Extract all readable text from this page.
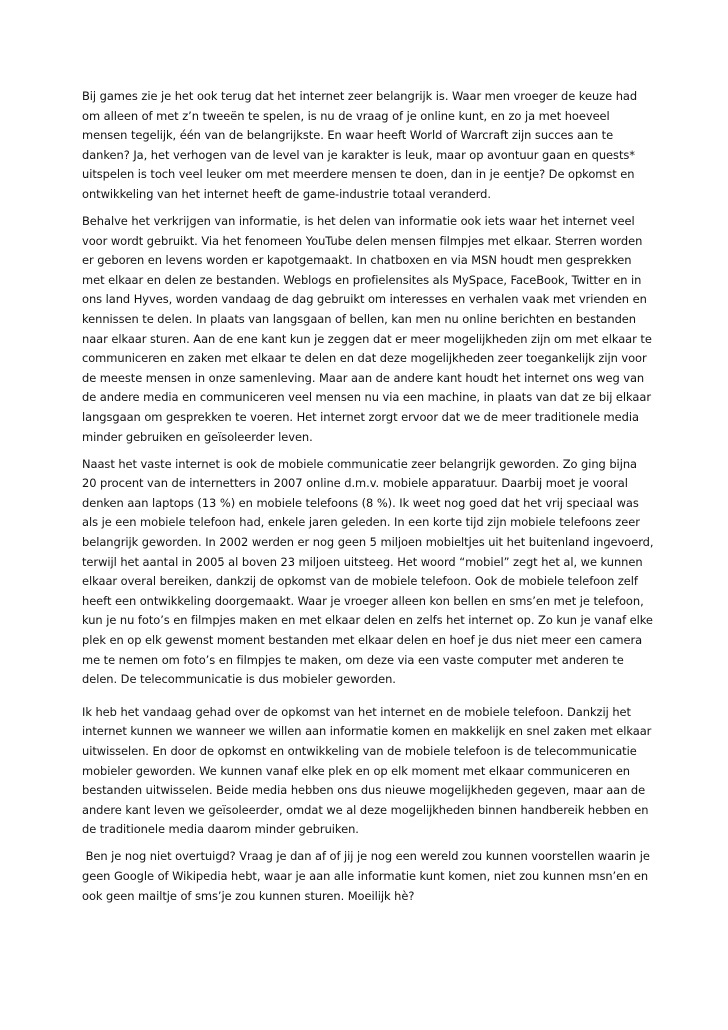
Bij games zie je het ook terug dat het internet zeer belangrijk is. Waar men vroeger de keuze had om alleen of met z’n tweeën te spelen, is nu de vraag of je online kunt, en zo ja met hoeveel mensen tegelijk, één van de belangrijkste. En waar heeft World of Warcraft zijn succes aan te danken? Ja, het verhogen van de level van je karakter is leuk, maar op avontuur gaan en quests* uitspelen is toch veel leuker om met meerdere mensen te doen, dan in je eentje? De opkomst en ontwikkeling van het internet heeft de game-industrie totaal veranderd.

Behalve het verkrijgen van informatie, is het delen van informatie ook iets waar het internet veel voor wordt gebruikt. Via het fenomeen YouTube delen mensen filmpjes met elkaar. Sterren worden er geboren en levens worden er kapotgemaakt. In chatboxen en via MSN houdt men gesprekken met elkaar en delen ze bestanden. Weblogs en profielensites als MySpace, FaceBook, Twitter en in ons land Hyves, worden vandaag de dag gebruikt om interesses en verhalen vaak met vrienden en kennissen te delen. In plaats van langsgaan of bellen, kan men nu online berichten en bestanden naar elkaar sturen. Aan de ene kant kun je zeggen dat er meer mogelijkheden zijn om met elkaar te communiceren en zaken met elkaar te delen en dat deze mogelijkheden zeer toegankelijk zijn voor de meeste mensen in onze samenleving. Maar aan de andere kant houdt het internet ons weg van de andere media en communiceren veel mensen nu via een machine, in plaats van dat ze bij elkaar langsgaan om gesprekken te voeren. Het internet zorgt ervoor dat we de meer traditionele media minder gebruiken en geïsoleerder leven.

Naast het vaste internet is ook de mobiele communicatie zeer belangrijk geworden. Zo ging bijna 20 procent van de internetters in 2007 online d.m.v. mobiele apparatuur. Daarbij moet je vooral denken aan laptops (13 %) en mobiele telefoons (8 %). Ik weet nog goed dat het vrij speciaal was als je een mobiele telefoon had, enkele jaren geleden. In een korte tijd zijn mobiele telefoons zeer belangrijk geworden. In 2002 werden er nog geen 5 miljoen mobieltjes uit het buitenland ingevoerd, terwijl het aantal in 2005 al boven 23 miljoen uitsteeg. Het woord “mobiel” zegt het al, we kunnen elkaar overal bereiken, dankzij de opkomst van de mobiele telefoon. Ook de mobiele telefoon zelf heeft een ontwikkeling doorgemaakt. Waar je vroeger alleen kon bellen en sms’en met je telefoon, kun je nu foto’s en filmpjes maken en met elkaar delen en zelfs het internet op. Zo kun je vanaf elke plek en op elk gewenst moment bestanden met elkaar delen en hoef je dus niet meer een camera me te nemen om foto’s en filmpjes te maken, om deze via een vaste computer met anderen te delen. De telecommunicatie is dus mobieler geworden.

Ik heb het vandaag gehad over de opkomst van het internet en de mobiele telefoon. Dankzij het internet kunnen we wanneer we willen aan informatie komen en makkelijk en snel zaken met elkaar uitwisselen. En door de opkomst en ontwikkeling van de mobiele telefoon is de telecommunicatie mobieler geworden. We kunnen vanaf elke plek en op elk moment met elkaar communiceren en bestanden uitwisselen. Beide media hebben ons dus nieuwe mogelijkheden gegeven, maar aan de andere kant leven we geïsoleerder, omdat we al deze mogelijkheden binnen handbereik hebben en de traditionele media daarom minder gebruiken.

Ben je nog niet overtuigd? Vraag je dan af of jij je nog een wereld zou kunnen voorstellen waarin je geen Google of Wikipedia hebt, waar je aan alle informatie kunt komen, niet zou kunnen msn’en en ook geen mailtje of sms’je zou kunnen sturen. Moeilijk hè?
